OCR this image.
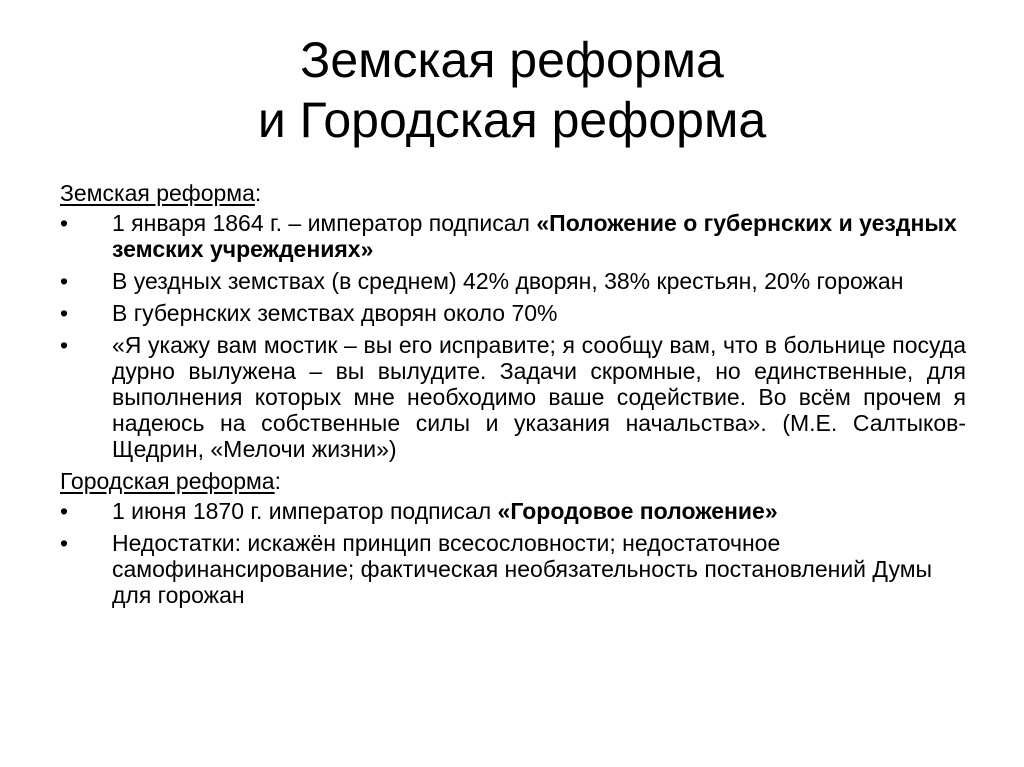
Земская реформа
и Городская реформа
Земская реформа:
• 1 января 1864 г. – император подписал «Положение о губернских и уездных земских учреждениях»
• В уездных земствах (в среднем) 42% дворян, 38% крестьян, 20% горожан
• В губернских земствах дворян около 70%
• «Я укажу вам мостик – вы его исправите; я сообщу вам, что в больнице посуда дурно вылужена – вы вылудите. Задачи скромные, но единственные, для выполнения которых мне необходимо ваше содействие. Во всём прочем я надеюсь на собственные силы и указания начальства». (М.Е. Салтыков-Щедрин, «Мелочи жизни»)
Городская реформа:
• 1 июня 1870 г. император подписал «Городовое положение»
• Недостатки: искажён принцип всесословности; недостаточное самофинансирование; фактическая необязательность постановлений Думы для горожан
